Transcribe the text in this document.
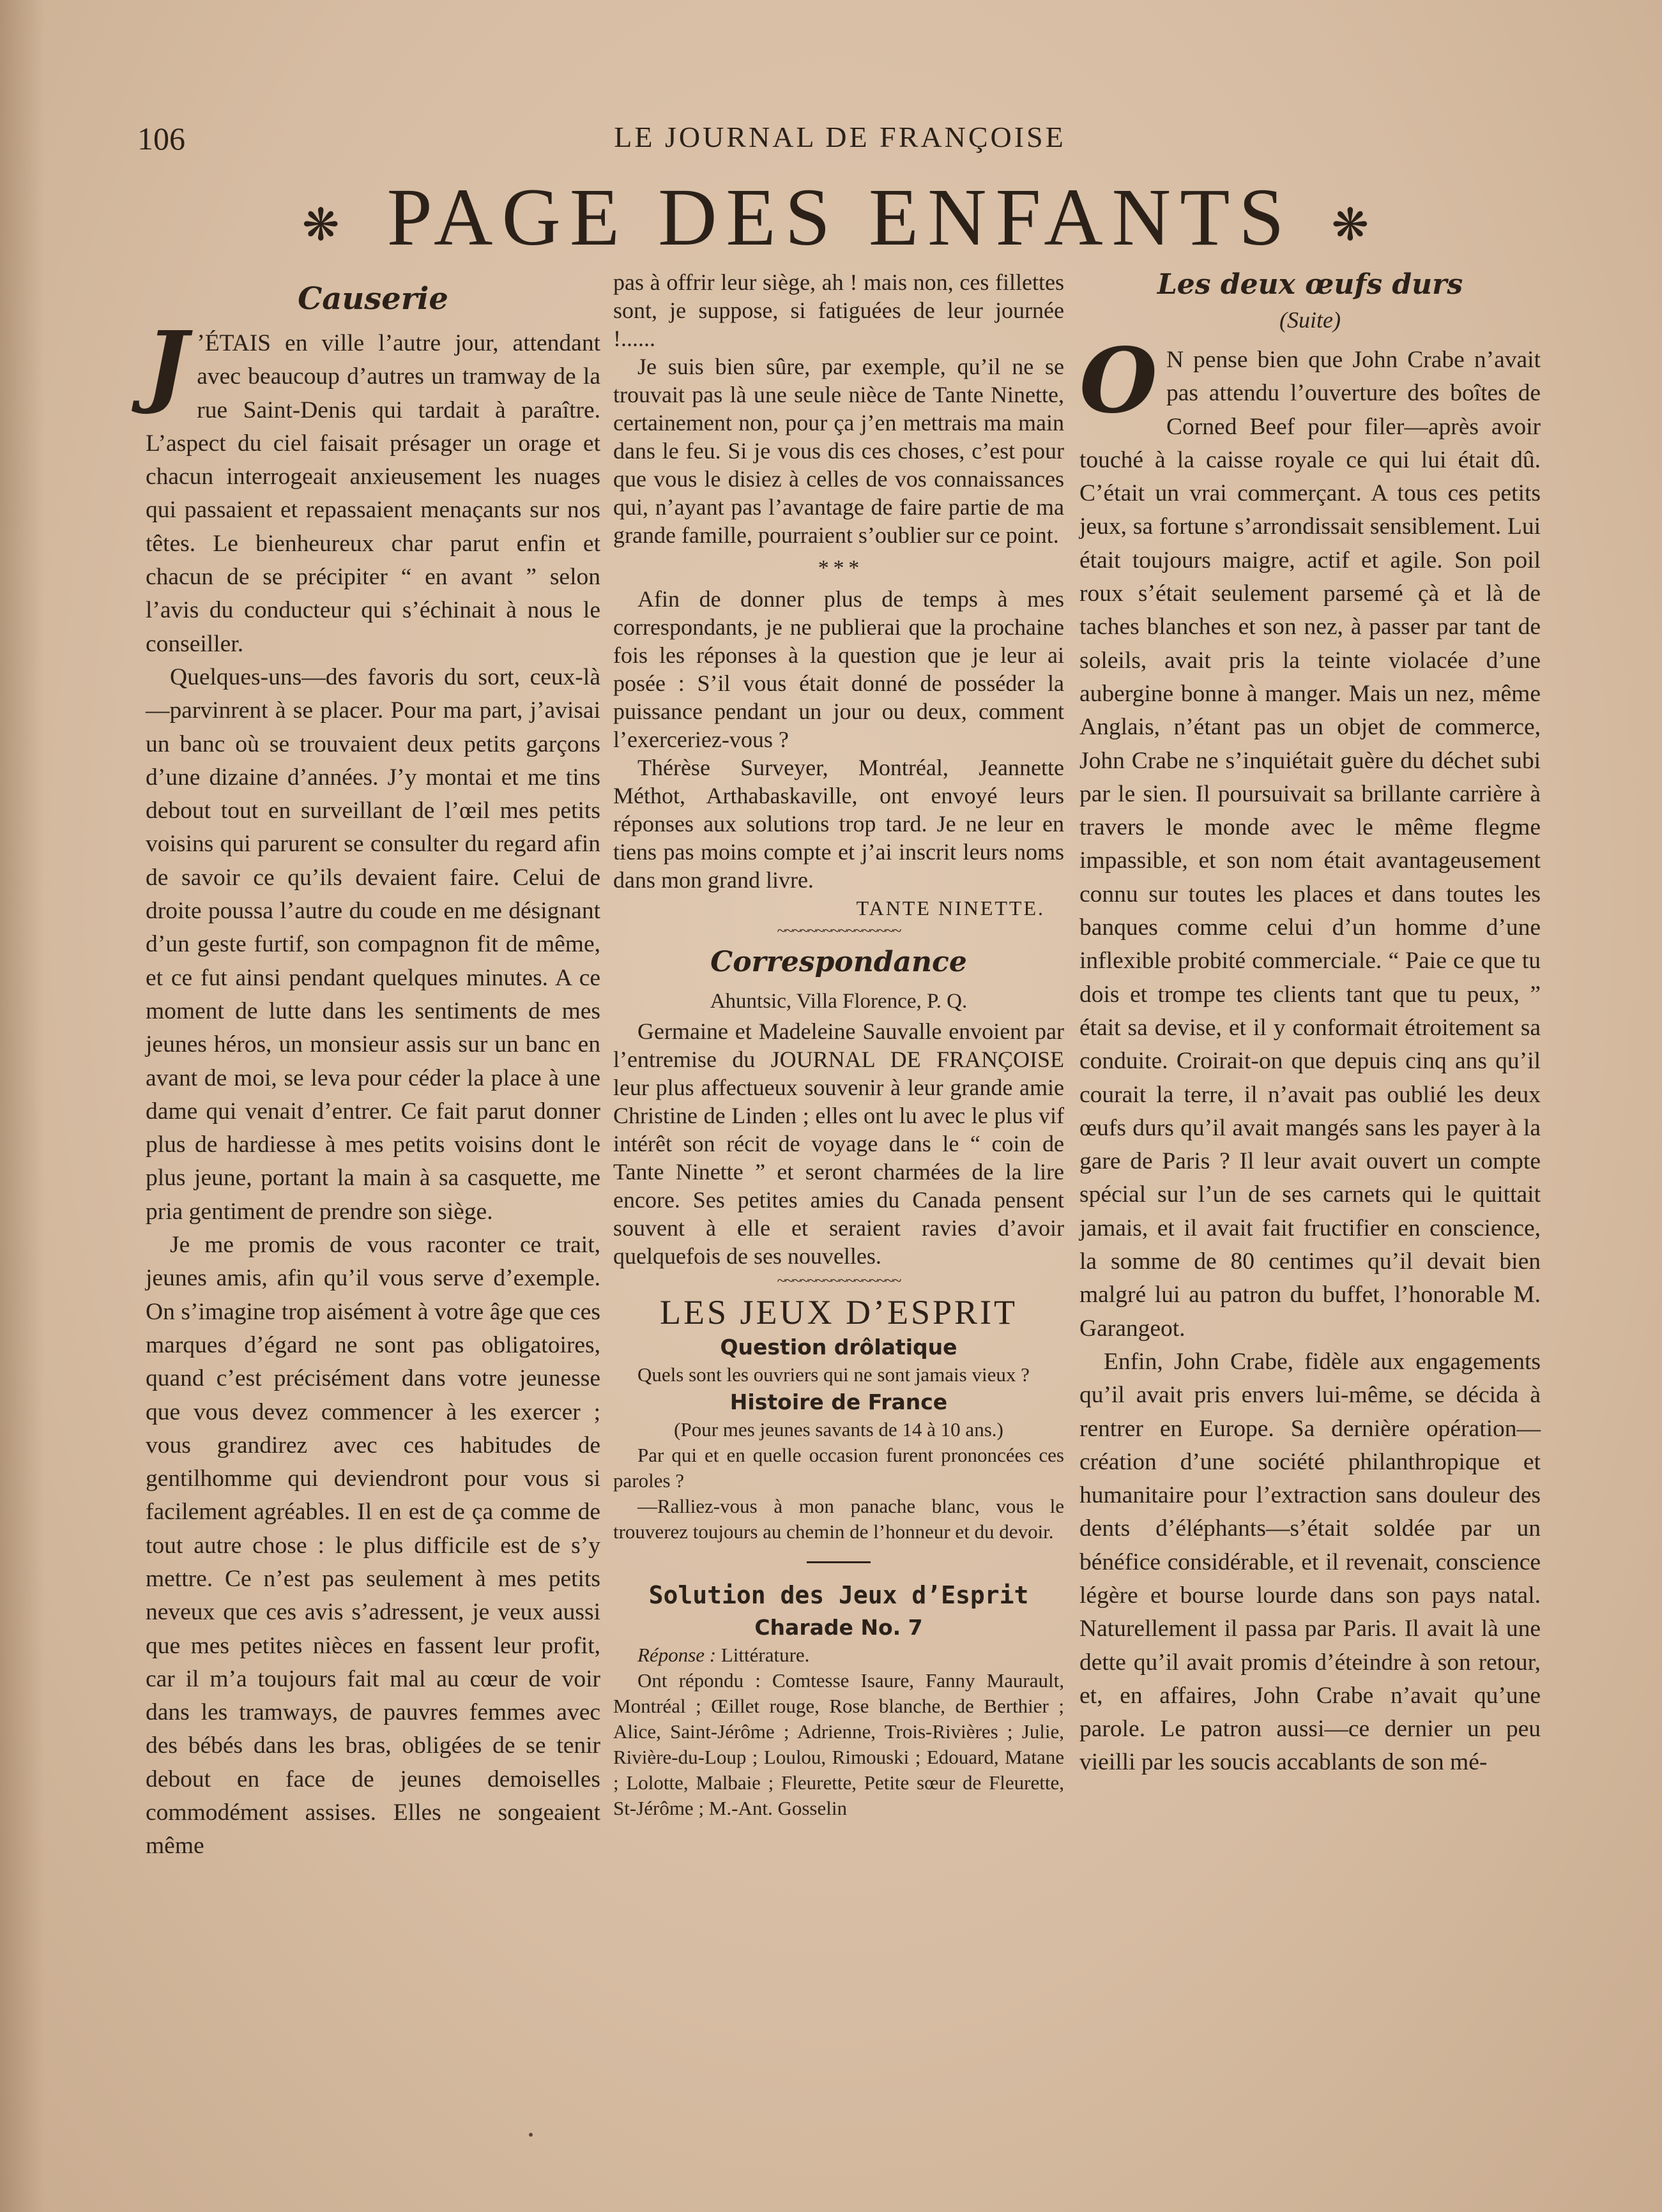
106	LE JOURNAL DE FRANÇOISE
❋ PAGE DES ENFANTS ❋
Causerie

J ’ÉTAIS en ville l’autre jour, attendant avec beaucoup d’autres un tramway de la rue Saint-Denis qui tardait à paraître. L’aspect du ciel faisait présager un orage et chacun interrogeait anxieusement les nuages qui passaient et repassaient menaçants sur nos têtes. Le bienheureux char parut enfin et chacun de se précipiter “ en avant ” selon l’avis du conducteur qui s’échinait à nous le conseiller.

Quelques-uns—des favoris du sort, ceux-là—parvinrent à se placer. Pour ma part, j’avisai un banc où se trouvaient deux petits garçons d’une dizaine d’années. J’y montai et me tins debout tout en surveillant de l’œil mes petits voisins qui parurent se consulter du regard afin de savoir ce qu’ils devaient faire. Celui de droite poussa l’autre du coude en me désignant d’un geste furtif, son compagnon fit de même, et ce fut ainsi pendant quelques minutes. A ce moment de lutte dans les sentiments de mes jeunes héros, un monsieur assis sur un banc en avant de moi, se leva pour céder la place à une dame qui venait d’entrer. Ce fait parut donner plus de hardiesse à mes petits voisins dont le plus jeune, portant la main à sa casquette, me pria gentiment de prendre son siège.

Je me promis de vous raconter ce trait, jeunes amis, afin qu’il vous serve d’exemple. On s’imagine trop aisément à votre âge que ces marques d’égard ne sont pas obligatoires, quand c’est précisément dans votre jeunesse que vous devez commencer à les exercer ; vous grandirez avec ces habitudes de gentilhomme qui deviendront pour vous si facilement agréables. Il en est de ça comme de tout autre chose : le plus difficile est de s’y mettre. Ce n’est pas seulement à mes petits neveux que ces avis s’adressent, je veux aussi que mes petites nièces en fassent leur profit, car il m’a toujours fait mal au cœur de voir dans les tramways, de pauvres femmes avec des bébés dans les bras, obligées de se tenir debout en face de jeunes demoiselles commodément assises. Elles ne songeaient même

pas à offrir leur siège, ah ! mais non, ces fillettes sont, je suppose, si fatiguées de leur journée !......

Je suis bien sûre, par exemple, qu’il ne se trouvait pas là une seule nièce de Tante Ninette, certainement non, pour ça j’en mettrais ma main dans le feu. Si je vous dis ces choses, c’est pour que vous le disiez à celles de vos connaissances qui, n’ayant pas l’avantage de faire partie de ma grande famille, pourraient s’oublier sur ce point.

* * *

Afin de donner plus de temps à mes correspondants, je ne publierai que la prochaine fois les réponses à la question que je leur ai posée : S’il vous était donné de posséder la puissance pendant un jour ou deux, comment l’exerceriez-vous ?

Thérèse Surveyer, Montréal, Jeannette Méthot, Arthabaskaville, ont envoyé leurs réponses aux solutions trop tard. Je ne leur en tiens pas moins compte et j’ai inscrit leurs noms dans mon grand livre.

TANTE NINETTE.
~~~~~~~~~~~~~~~~
Correspondance
Ahuntsic, Villa Florence, P. Q.

Germaine et Madeleine Sauvalle envoient par l’entremise du JOURNAL DE FRANÇOISE leur plus affectueux souvenir à leur grande amie Christine de Linden ; elles ont lu avec le plus vif intérêt son récit de voyage dans le “ coin de Tante Ninette ” et seront charmées de la lire encore. Ses petites amies du Canada pensent souvent à elle et seraient ravies d’avoir quelquefois de ses nouvelles.

~~~~~~~~~~~~~~~~
LES JEUX D’ESPRIT
Question drôlatique

Quels sont les ouvriers qui ne sont jamais vieux ?

Histoire de France

(Pour mes jeunes savants de 14 à 10 ans.)

Par qui et en quelle occasion furent prononcées ces paroles ?

—Ralliez-vous à mon panache blanc, vous le trouverez toujours au chemin de l’honneur et du devoir.

Solution des Jeux d’Esprit
Charade No. 7

Réponse : Littérature.

Ont répondu : Comtesse Isaure, Fanny Maurault, Montréal ; Œillet rouge, Rose blanche, de Berthier ; Alice, Saint-Jérôme ; Adrienne, Trois-Rivières ; Julie, Rivière-du-Loup ; Loulou, Rimouski ; Edouard, Matane ; Lolotte, Malbaie ; Fleurette, Petite sœur de Fleurette, St-Jérôme ; M.-Ant. Gosselin

Les deux œufs durs
(Suite)

O N pense bien que John Crabe n’avait pas attendu l’ouverture des boîtes de Corned Beef pour filer—après avoir touché à la caisse royale ce qui lui était dû. C’était un vrai commerçant. A tous ces petits jeux, sa fortune s’arrondissait sensiblement. Lui était toujours maigre, actif et agile. Son poil roux s’était seulement parsemé çà et là de taches blanches et son nez, à passer par tant de soleils, avait pris la teinte violacée d’une aubergine bonne à manger. Mais un nez, même Anglais, n’étant pas un objet de commerce, John Crabe ne s’inquiétait guère du déchet subi par le sien. Il poursuivait sa brillante carrière à travers le monde avec le même flegme impassible, et son nom était avantageusement connu sur toutes les places et dans toutes les banques comme celui d’un homme d’une inflexible probité commerciale. “ Paie ce que tu dois et trompe tes clients tant que tu peux, ” était sa devise, et il y conformait étroitement sa conduite. Croirait-on que depuis cinq ans qu’il courait la terre, il n’avait pas oublié les deux œufs durs qu’il avait mangés sans les payer à la gare de Paris ? Il leur avait ouvert un compte spécial sur l’un de ses carnets qui le quittait jamais, et il avait fait fructifier en conscience, la somme de 80 centimes qu’il devait bien malgré lui au patron du buffet, l’honorable M. Garangeot.

Enfin, John Crabe, fidèle aux engagements qu’il avait pris envers lui-même, se décida à rentrer en Europe. Sa dernière opération—création d’une société philanthropique et humanitaire pour l’extraction sans douleur des dents d’éléphants—s’était soldée par un bénéfice considérable, et il revenait, conscience légère et bourse lourde dans son pays natal. Naturellement il passa par Paris. Il avait là une dette qu’il avait promis d’éteindre à son retour, et, en affaires, John Crabe n’avait qu’une parole. Le patron aussi—ce dernier un peu vieilli par les soucis accablants de son mé-
